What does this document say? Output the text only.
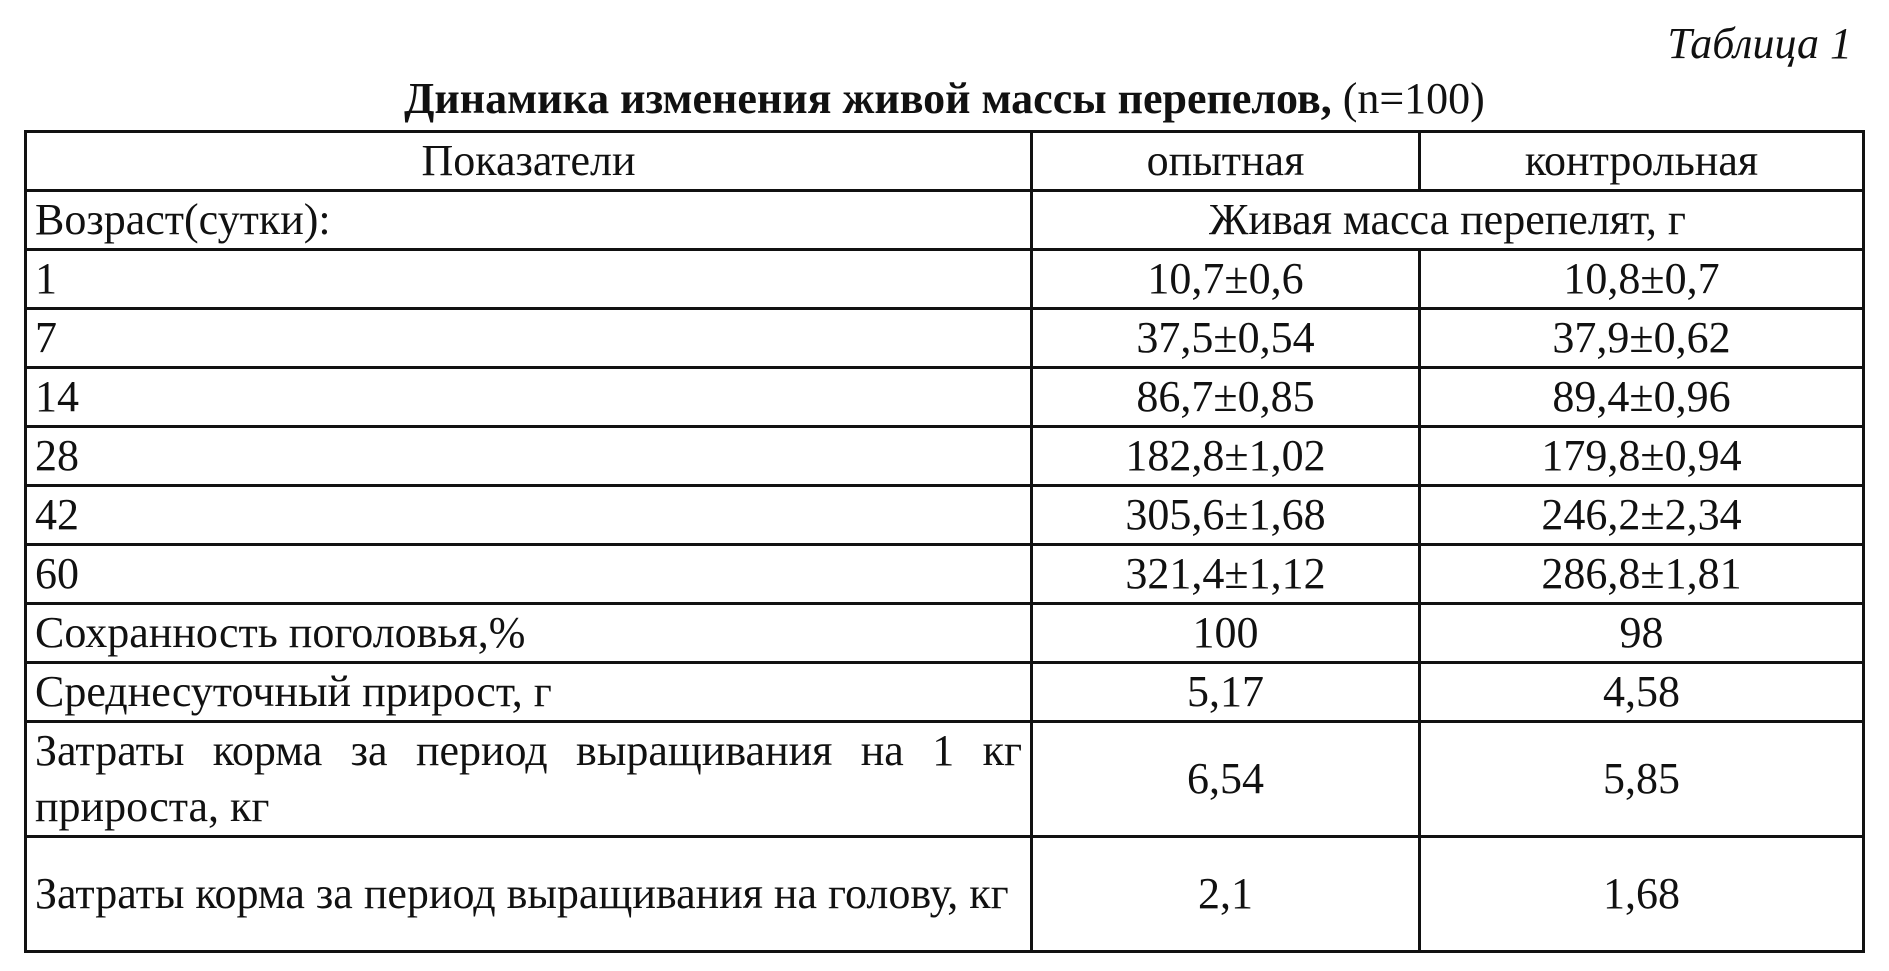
Таблица 1
Динамика изменения живой массы перепелов, (n=100)
Показатели	опытная	контрольная
Возраст(сутки):	Живая масса перепелят, г	
1	10,7±0,6	10,8±0,7
7	37,5±0,54	37,9±0,62
14	86,7±0,85	89,4±0,96
28	182,8±1,02	179,8±0,94
42	305,6±1,68	246,2±2,34
60	321,4±1,12	286,8±1,81
Сохранность поголовья,%	100	98
Среднесуточный прирост, г	5,17	4,58
Затраты корма за период выращивания на 1 кг прироста, кг	6,54	5,85
Затраты корма за период выращивания на голову, кг	2,1	1,68
